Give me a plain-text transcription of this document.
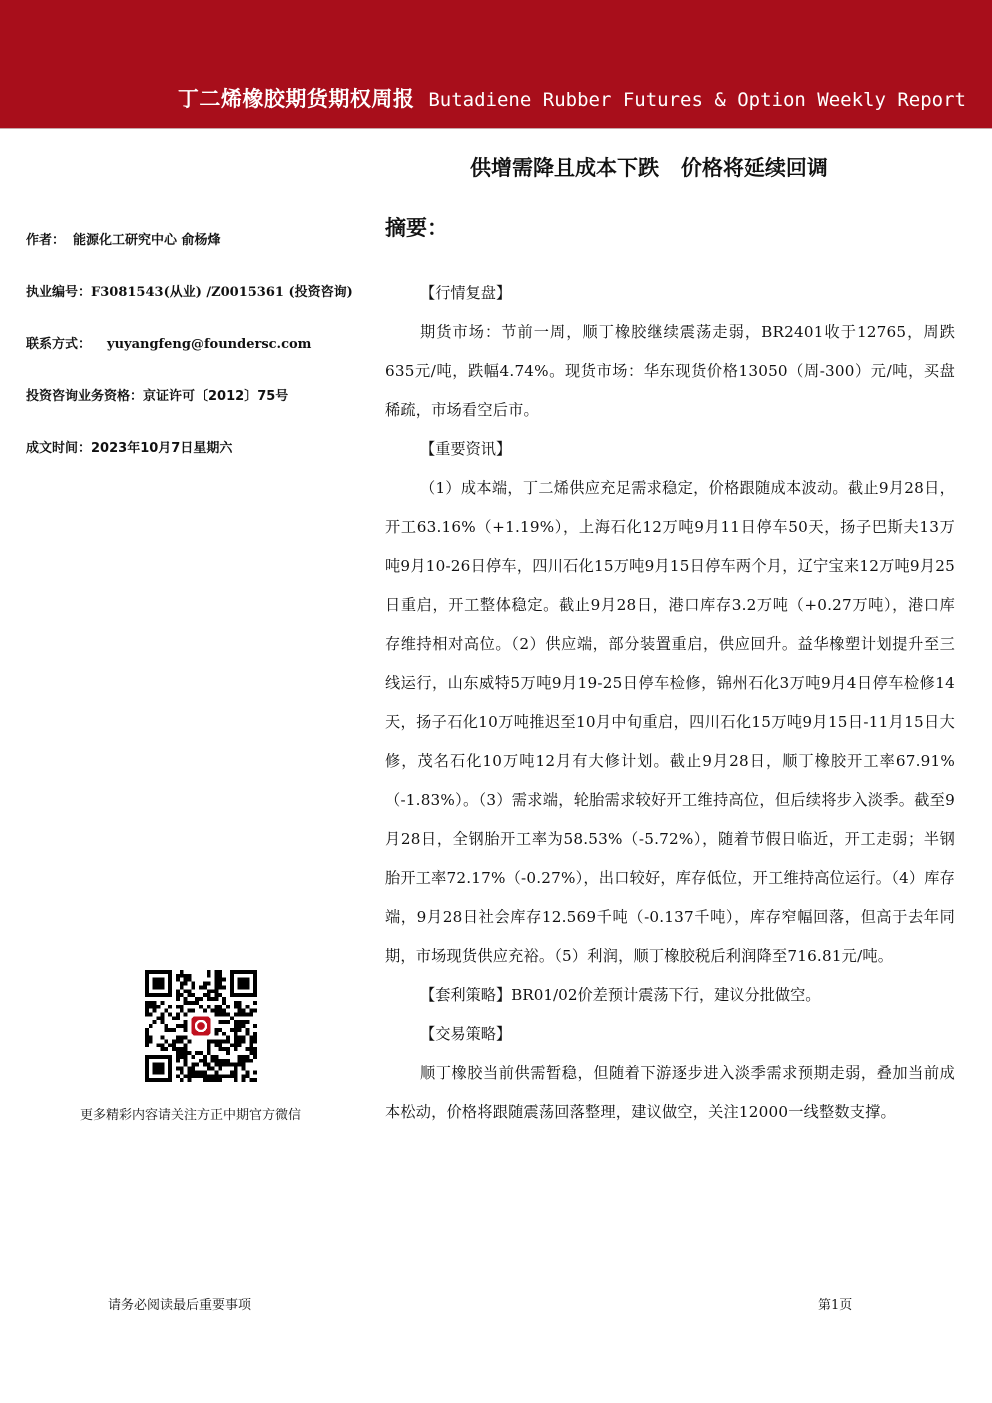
丁二烯橡胶期货期权周报 Butadiene Rubber Futures & Option Weekly Report
供增需降且成本下跌   价格将延续回调
作者： 能源化工研究中心 俞杨烽
执业编号：F3081543(从业) /Z0015361 (投资咨询)
联系方式： yuyangfeng@foundersc.com
投资咨询业务资格：京证许可〔2012〕75号
成文时间：2023年10月7日星期六
更多精彩内容请关注方正中期官方微信
摘要：

【行情复盘】

期货市场：节前一周，顺丁橡胶继续震荡走弱，BR2401收于12765，周跌635元/吨，跌幅4.74%。现货市场：华东现货价格13050（周-300）元/吨，买盘稀疏，市场看空后市。

【重要资讯】

（1）成本端，丁二烯供应充足需求稳定，价格跟随成本波动。截止9月28日，开工63.16%（+1.19%），上海石化12万吨9月11日停车50天，扬子巴斯夫13万吨9月10-26日停车，四川石化15万吨9月15日停车两个月，辽宁宝来12万吨9月25日重启，开工整体稳定。截止9月28日，港口库存3.2万吨（+0.27万吨），港口库存维持相对高位。（2）供应端，部分装置重启，供应回升。益华橡塑计划提升至三线运行，山东威特5万吨9月19-25日停车检修，锦州石化3万吨9月4日停车检修14天，扬子石化10万吨推迟至10月中旬重启，四川石化15万吨9月15日-11月15日大修，茂名石化10万吨12月有大修计划。截止9月28日，顺丁橡胶开工率67.91%（-1.83%）。（3）需求端，轮胎需求较好开工维持高位，但后续将步入淡季。截至9月28日，全钢胎开工率为58.53%（-5.72%），随着节假日临近，开工走弱；半钢胎开工率72.17%（-0.27%），出口较好，库存低位，开工维持高位运行。（4）库存端，9月28日社会库存12.569千吨（-0.137千吨），库存窄幅回落，但高于去年同期，市场现货供应充裕。（5）利润，顺丁橡胶税后利润降至716.81元/吨。

【套利策略】BR01/02价差预计震荡下行，建议分批做空。

【交易策略】

顺丁橡胶当前供需暂稳，但随着下游逐步进入淡季需求预期走弱，叠加当前成本松动，价格将跟随震荡回落整理，建议做空，关注12000一线整数支撑。

请务必阅读最后重要事项	第1页
